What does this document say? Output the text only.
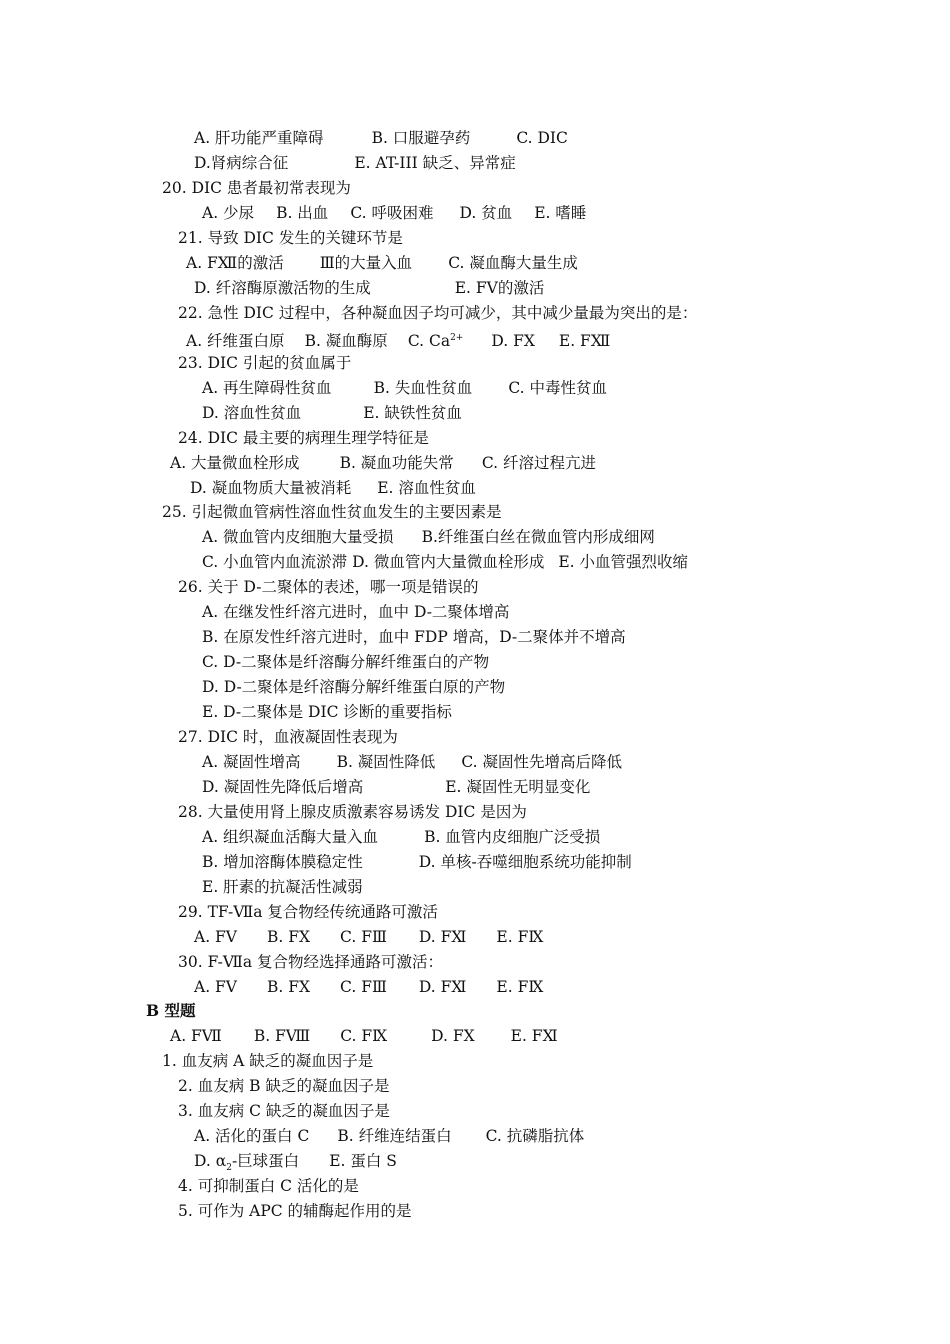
A. 肝功能严重障碍	B. 口服避孕药	C. DIC
D.肾病综合征	E. AT-III 缺乏、异常症
20. DIC 患者最初常表现为
A. 少尿 B. 出血 C. 呼吸困难 D. 贫血 E. 嗜睡
21. 导致 DIC 发生的关键环节是
A. FⅫ的激活 Ⅲ的大量入血 C. 凝血酶大量生成
D. 纤溶酶原激活物的生成	E. FⅤ的激活
22. 急性 DIC 过程中，各种凝血因子均可减少，其中减少量最为突出的是：
A. 纤维蛋白原 B. 凝血酶原 C. $Ca^{2+}$ D. FⅩ E. FⅫ
23. DIC 引起的贫血属于
A. 再生障碍性贫血	B. 失血性贫血 C. 中毒性贫血
D. 溶血性贫血	E. 缺铁性贫血
24. DIC 最主要的病理生理学特征是
A. 大量微血栓形成	B. 凝血功能失常 C. 纤溶过程亢进
D. 凝血物质大量被消耗 E. 溶血性贫血
25. 引起微血管病性溶血性贫血发生的主要因素是
A. 微血管内皮细胞大量受损 B.纤维蛋白丝在微血管内形成细网
C. 小血管内血流淤滞 D. 微血管内大量微血栓形成 E. 小血管强烈收缩
26. 关于 D-二聚体的表述，哪一项是错误的
A. 在继发性纤溶亢进时，血中 D-二聚体增高
B. 在原发性纤溶亢进时，血中 FDP 增高，D-二聚体并不增高
C. D-二聚体是纤溶酶分解纤维蛋白的产物
D. D-二聚体是纤溶酶分解纤维蛋白原的产物
E. D-二聚体是 DIC 诊断的重要指标
27. DIC 时，血液凝固性表现为
A. 凝固性增高 B. 凝固性降低 C. 凝固性先增高后降低
D. 凝固性先降低后增高	E. 凝固性无明显变化
28. 大量使用肾上腺皮质激素容易诱发 DIC 是因为
A. 组织凝血活酶大量入血	B. 血管内皮细胞广泛受损
B. 增加溶酶体膜稳定性	D. 单核-吞噬细胞系统功能抑制
E. 肝素的抗凝活性减弱
29. TF-Ⅶa 复合物经传统通路可激活
A. FⅤ B. FⅩ C. FⅢ D. FⅪ E. FⅨ
30. F-Ⅶa 复合物经选择通路可激活：
A. FⅤ B. FⅩ C. FⅢ D. FⅪ E. FⅨ
B 型题
A. FⅦ B. FⅧ C. FⅨ	D. FⅩ E. FⅪ
1. 血友病 A 缺乏的凝血因子是
2. 血友病 B 缺乏的凝血因子是
3. 血友病 C 缺乏的凝血因子是
A. 活化的蛋白 C B. 纤维连结蛋白 C. 抗磷脂抗体
D. $\alpha_2-$巨球蛋白 E. 蛋白 S
4. 可抑制蛋白 C 活化的是
5. 可作为 APC 的辅酶起作用的是
